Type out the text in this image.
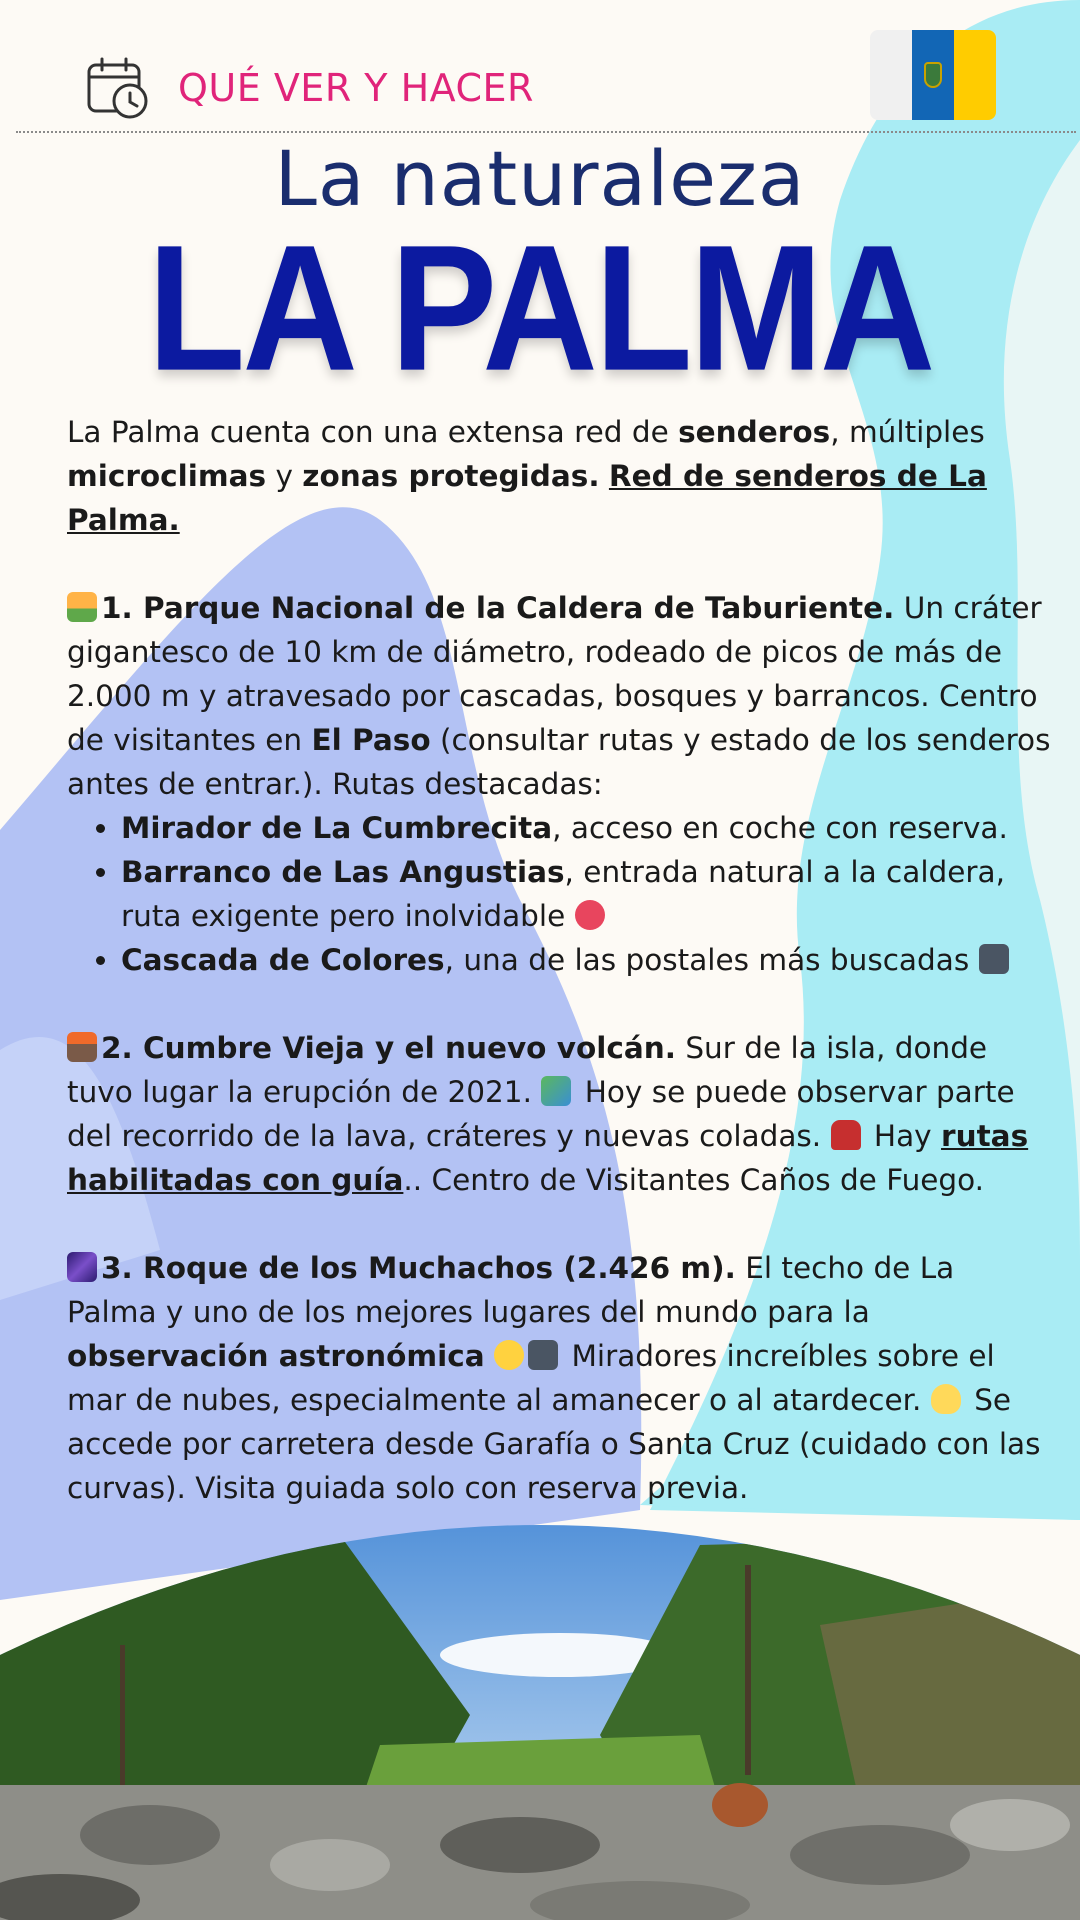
QUÉ VER Y HACER
La naturaleza
LA PALMA

La Palma cuenta con una extensa red de senderos, múltiples microclimas y zonas protegidas. Red de senderos de La Palma.

1. Parque Nacional de la Caldera de Taburiente. Un cráter gigantesco de 10 km de diámetro, rodeado de picos de más de 2.000 m y atravesado por cascadas, bosques y barrancos. Centro de visitantes en El Paso (consultar rutas y estado de los senderos antes de entrar.). Rutas destacadas:

• Mirador de La Cumbrecita, acceso en coche con reserva.
• Barranco de Las Angustias, entrada natural a la caldera, ruta exigente pero inolvidable
• Cascada de Colores, una de las postales más buscadas

2. Cumbre Vieja y el nuevo volcán. Sur de la isla, donde tuvo lugar la erupción de 2021.  Hoy se puede observar parte del recorrido de la lava, cráteres y nuevas coladas.  Hay rutas habilitadas con guía.. Centro de Visitantes Caños de Fuego.

3. Roque de los Muchachos (2.426 m). El techo de La Palma y uno de los mejores lugares del mundo para la observación astronómica	Miradores increíbles sobre el mar de nubes, especialmente al amanecer o al atardecer.  Se accede por carretera desde Garafía o Santa Cruz (cuidado con las curvas). Visita guiada solo con reserva previa.
